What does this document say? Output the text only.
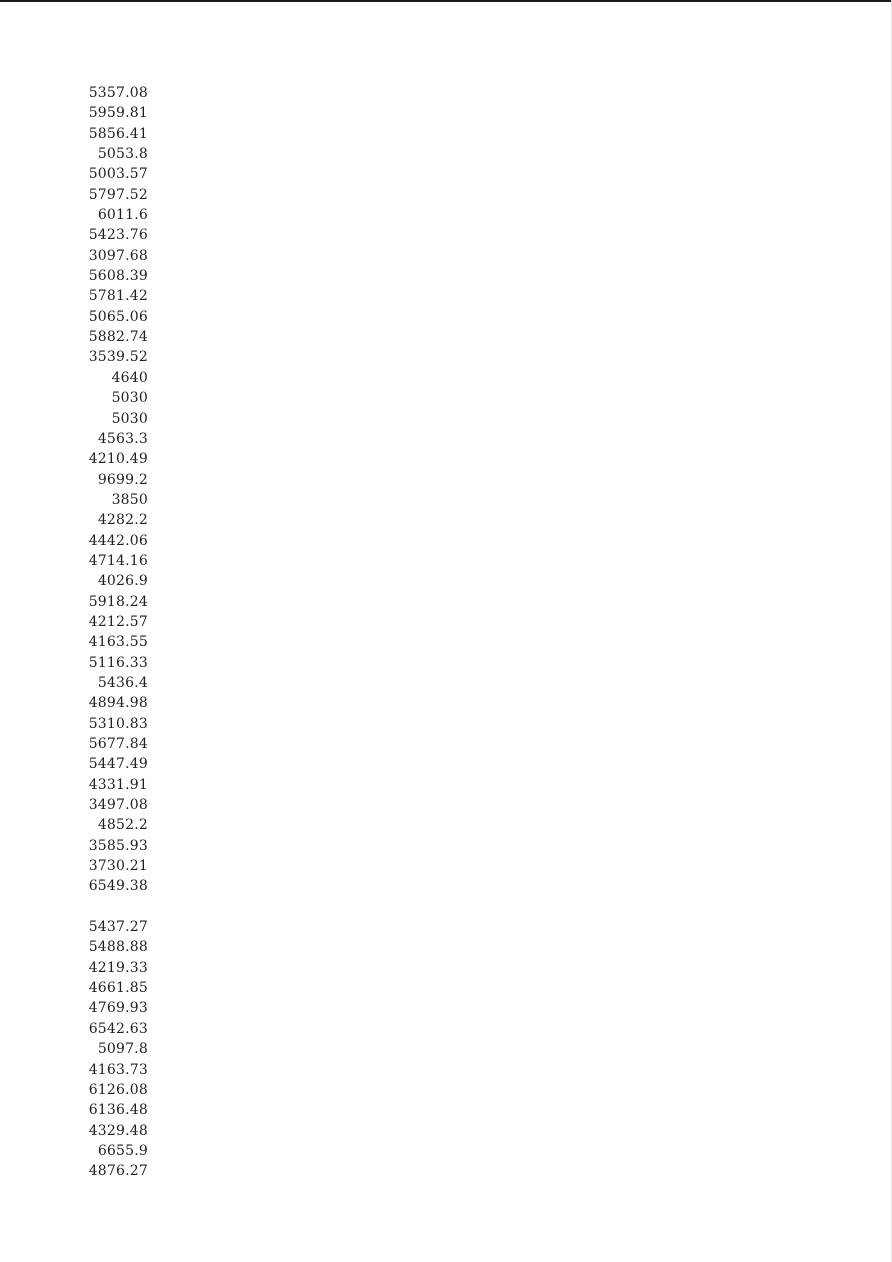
5357.08
5959.81
5856.41
5053.8
5003.57
5797.52
6011.6
5423.76
3097.68
5608.39
5781.42
5065.06
5882.74
3539.52
4640
5030
5030
4563.3
4210.49
9699.2
3850
4282.2
4442.06
4714.16
4026.9
5918.24
4212.57
4163.55
5116.33
5436.4
4894.98
5310.83
5677.84
5447.49
4331.91
3497.08
4852.2
3585.93
3730.21
6549.38
5437.27
5488.88
4219.33
4661.85
4769.93
6542.63
5097.8
4163.73
6126.08
6136.48
4329.48
6655.9
4876.27
